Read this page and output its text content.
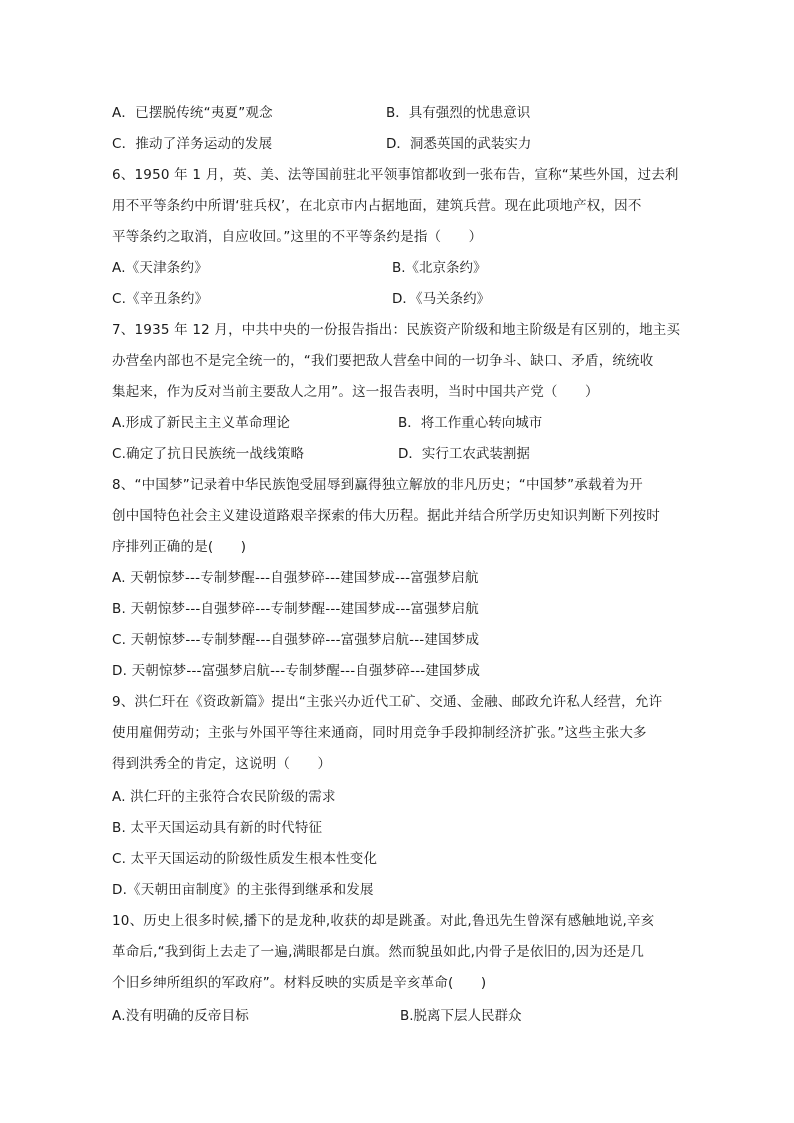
A．已摆脱传统“夷夏”观念	B．具有强烈的忧患意识
C．推动了洋务运动的发展	D．洞悉英国的武装实力
6、1950 年 1 月，英、美、法等国前驻北平领事馆都收到一张布告，宣称“某些外国，过去利
用不平等条约中所谓‘驻兵权’，在北京市内占据地面，建筑兵营。现在此项地产权，因不
平等条约之取消，自应收回。”这里的不平等条约是指（　　）
A.《天津条约》	B.《北京条约》
C.《辛丑条约》	D．《马关条约》
7、1935 年 12 月，中共中央的一份报告指出：民族资产阶级和地主阶级是有区别的，地主买
办营垒内部也不是完全统一的，“我们要把敌人营垒中间的一切争斗、缺口、矛盾，统统收
集起来，作为反对当前主要敌人之用”。这一报告表明，当时中国共产党（　　）
A.形成了新民主主义革命理论	B．将工作重心转向城市
C.确定了抗日民族统一战线策略	D．实行工农武装割据
8、“中国梦”记录着中华民族饱受屈辱到赢得独立解放的非凡历史；“中国梦”承载着为开
创中国特色社会主义建设道路艰辛探索的伟大历程。据此并结合所学历史知识判断下列按时
序排列正确的是(　　)
A. 天朝惊梦---专制梦醒---自强梦碎---建国梦成---富强梦启航
B. 天朝惊梦---自强梦碎---专制梦醒---建国梦成---富强梦启航
C. 天朝惊梦---专制梦醒---自强梦碎---富强梦启航---建国梦成
D. 天朝惊梦---富强梦启航---专制梦醒---自强梦碎---建国梦成
9、洪仁玕在《资政新篇》提出“主张兴办近代工矿、交通、金融、邮政允许私人经营，允许
使用雇佣劳动；主张与外国平等往来通商，同时用竞争手段抑制经济扩张。”这些主张大多
得到洪秀全的肯定，这说明（　　）
A. 洪仁玕的主张符合农民阶级的需求
B. 太平天国运动具有新的时代特征
C. 太平天国运动的阶级性质发生根本性变化
D.《天朝田亩制度》的主张得到继承和发展
10、历史上很多时候,播下的是龙种,收获的却是跳蚤。对此,鲁迅先生曾深有感触地说,辛亥
革命后,“我到街上去走了一遍,满眼都是白旗。然而貌虽如此,内骨子是依旧的,因为还是几
个旧乡绅所组织的军政府”。材料反映的实质是辛亥革命(　　)
A.没有明确的反帝目标	B.脱离下层人民群众
